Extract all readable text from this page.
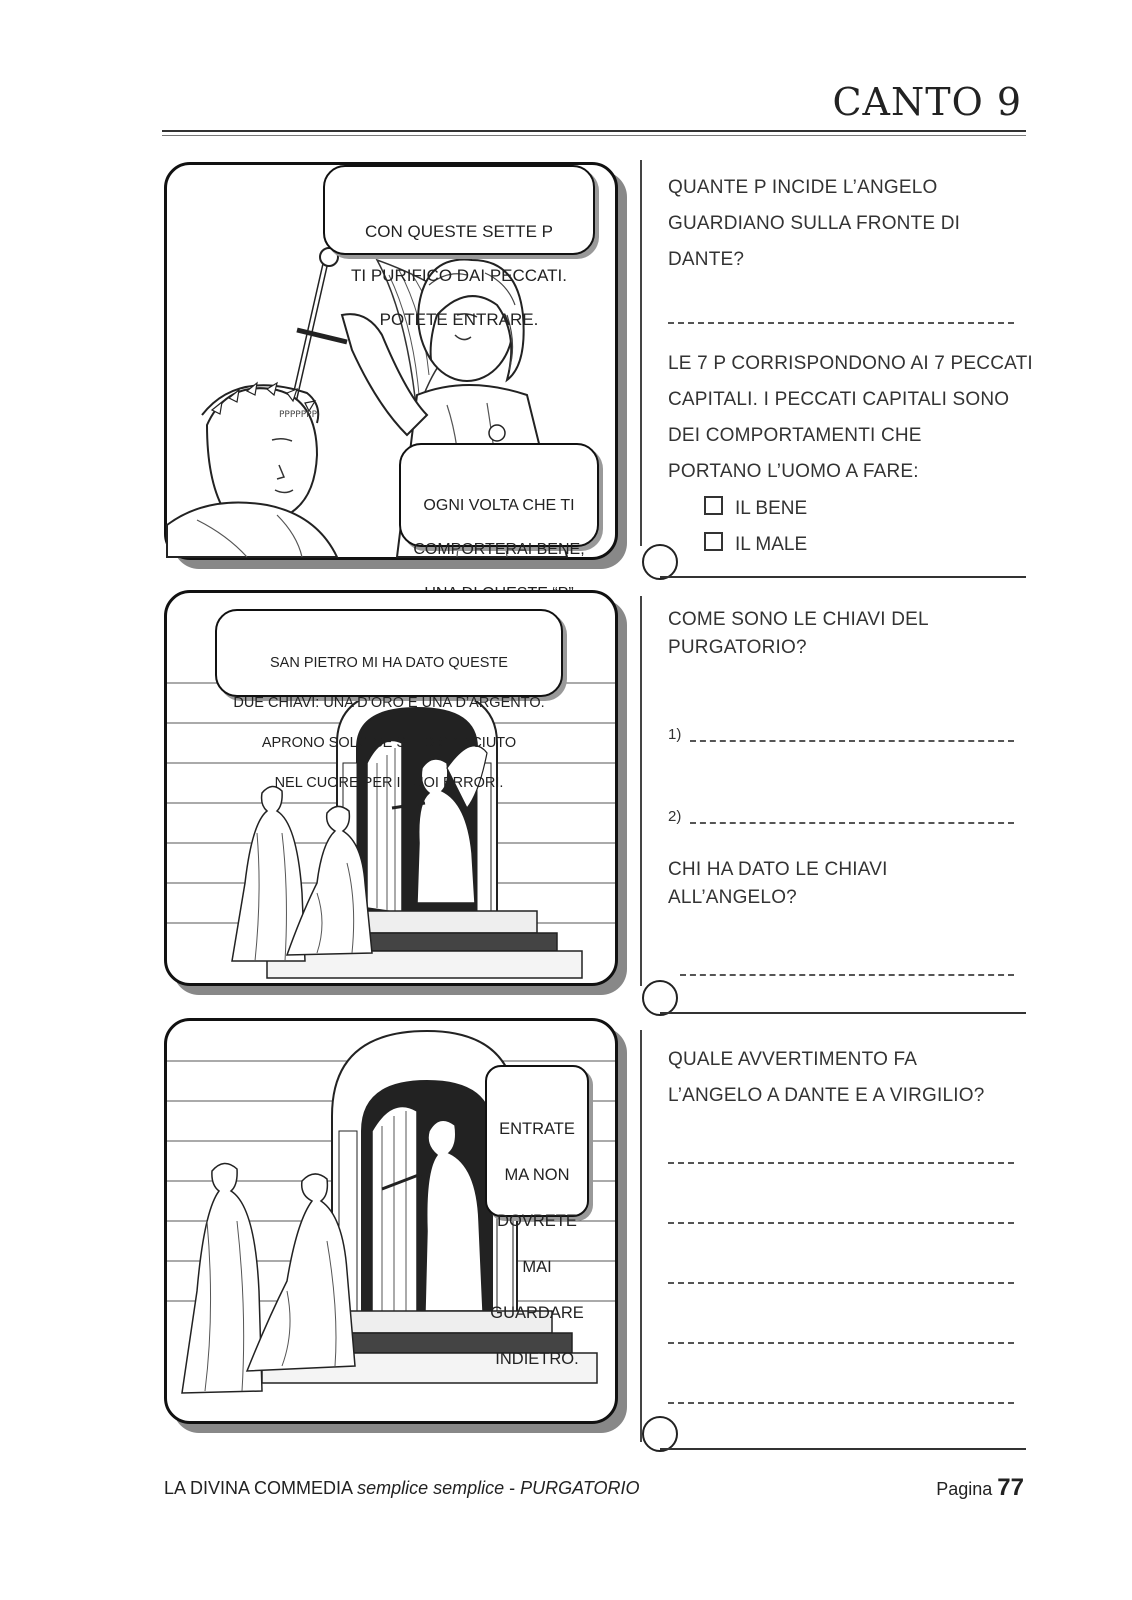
CANTO 9
PPPPPPP

CON QUESTE SETTE P

TI PURIFICO DAI PECCATI.

POTETE ENTRARE.

OGNI VOLTA CHE TI

COMPORTERAI BENE,

SAN PIETRO MI HA DATO QUESTE

DUE CHIAVI: UNA D’ORO E UNA D’ARGENTO.

APRONO SOLO SE SEI DISPIACIUTO

NEL CUORE PER I TUOI ERRORI.

ENTRATE

MA NON

DOVRETE

MAI

GUARDARE

INDIETRO.

QUANTE P INCIDE L’ANGELO
GUARDIANO SULLA FRONTE DI
DANTE?
LE 7 P CORRISPONDONO AI 7 PECCATI
CAPITALI. I PECCATI CAPITALI SONO
DEI COMPORTAMENTI CHE
PORTANO L’UOMO A FARE:
IL BENE
IL MALE
COME SONO LE CHIAVI DEL
PURGATORIO?
1)
2)
CHI HA DATO LE CHIAVI
ALL’ANGELO?
QUALE AVVERTIMENTO FA
L’ANGELO A DANTE E A VIRGILIO?
LA DIVINA COMMEDIA semplice semplice - PURGATORIO	Pagina 77
